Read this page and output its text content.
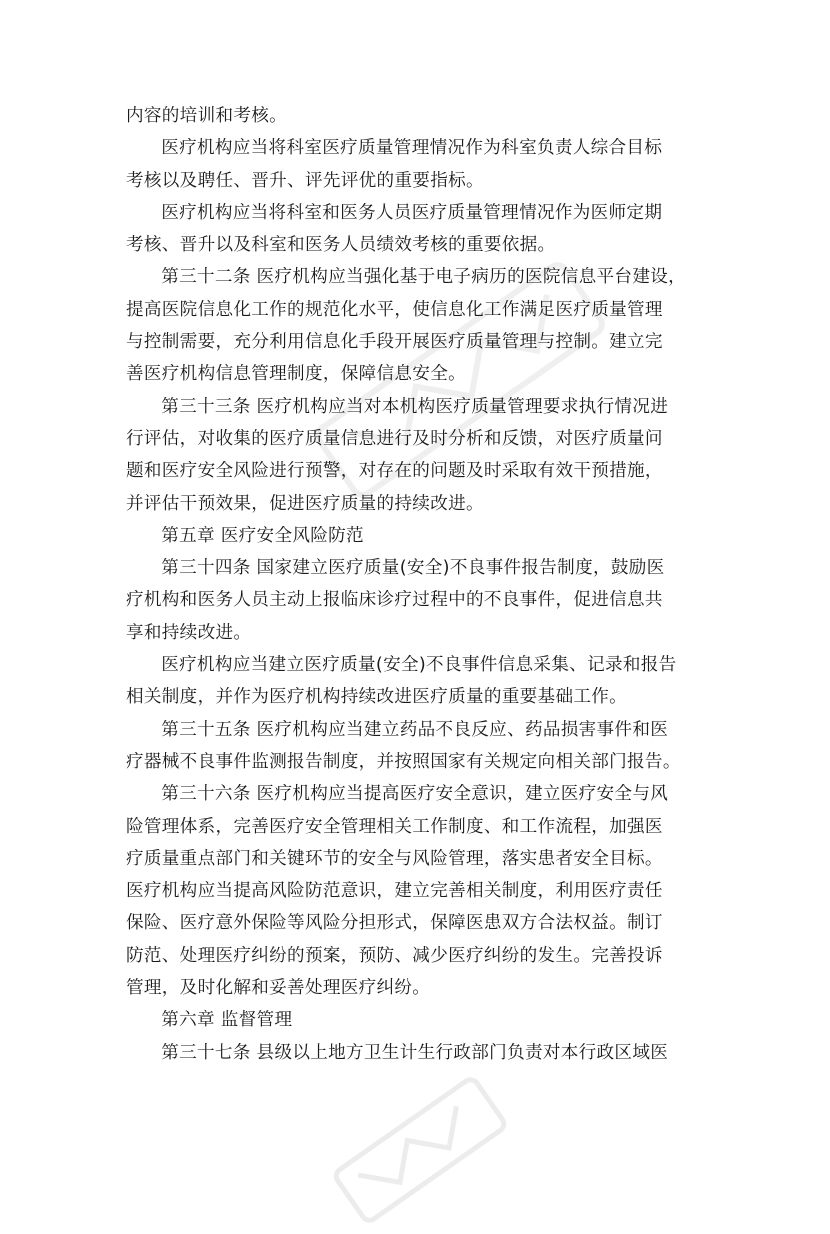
内容的培训和考核。

医疗机构应当将科室医疗质量管理情况作为科室负责人综合目标
考核以及聘任、晋升、评先评优的重要指标。

医疗机构应当将科室和医务人员医疗质量管理情况作为医师定期
考核、晋升以及科室和医务人员绩效考核的重要依据。

第三十二条 医疗机构应当强化基于电子病历的医院信息平台建设，
提高医院信息化工作的规范化水平，使信息化工作满足医疗质量管理
与控制需要，充分利用信息化手段开展医疗质量管理与控制。建立完
善医疗机构信息管理制度，保障信息安全。

第三十三条 医疗机构应当对本机构医疗质量管理要求执行情况进
行评估，对收集的医疗质量信息进行及时分析和反馈，对医疗质量问
题和医疗安全风险进行预警，对存在的问题及时采取有效干预措施，
并评估干预效果，促进医疗质量的持续改进。

第五章 医疗安全风险防范

第三十四条 国家建立医疗质量(安全)不良事件报告制度，鼓励医
疗机构和医务人员主动上报临床诊疗过程中的不良事件，促进信息共
享和持续改进。

医疗机构应当建立医疗质量(安全)不良事件信息采集、记录和报告
相关制度，并作为医疗机构持续改进医疗质量的重要基础工作。

第三十五条 医疗机构应当建立药品不良反应、药品损害事件和医
疗器械不良事件监测报告制度，并按照国家有关规定向相关部门报告。

第三十六条 医疗机构应当提高医疗安全意识，建立医疗安全与风
险管理体系，完善医疗安全管理相关工作制度、和工作流程，加强医
疗质量重点部门和关键环节的安全与风险管理，落实患者安全目标。
医疗机构应当提高风险防范意识，建立完善相关制度，利用医疗责任
保险、医疗意外保险等风险分担形式，保障医患双方合法权益。制订
防范、处理医疗纠纷的预案，预防、减少医疗纠纷的发生。完善投诉
管理，及时化解和妥善处理医疗纠纷。

第六章 监督管理

第三十七条 县级以上地方卫生计生行政部门负责对本行政区域医
